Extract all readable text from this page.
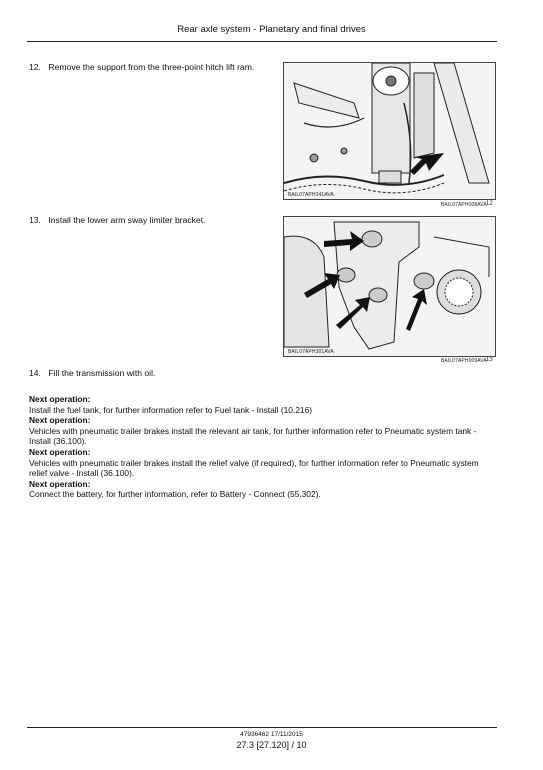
Rear axle system - Planetary and final drives
12. Remove the support from the three-point hitch lift ram.
BAIL07APH341AVA
BAIL07APH008AVA 12
13. Install the lower arm sway limiter bracket.
BAIL07APH301AVA
BAIL07APH009AVA 13
14. Fill the transmission with oil.
Next operation:
Install the fuel tank, for further information refer to Fuel tank - Install (10.216)
Next operation:
Vehicles with pneumatic trailer brakes install the relevant air tank, for further information refer to Pneumatic system tank - Install (36.100).
Next operation:
Vehicles with pneumatic trailer brakes install the relief valve (if required), for further information refer to Pneumatic system relief valve - Install (36.100).
Next operation:
Connect the battery, for further information, refer to Battery - Connect (55.302).
47936462 17/11/2015
27.3 [27.120] / 10
